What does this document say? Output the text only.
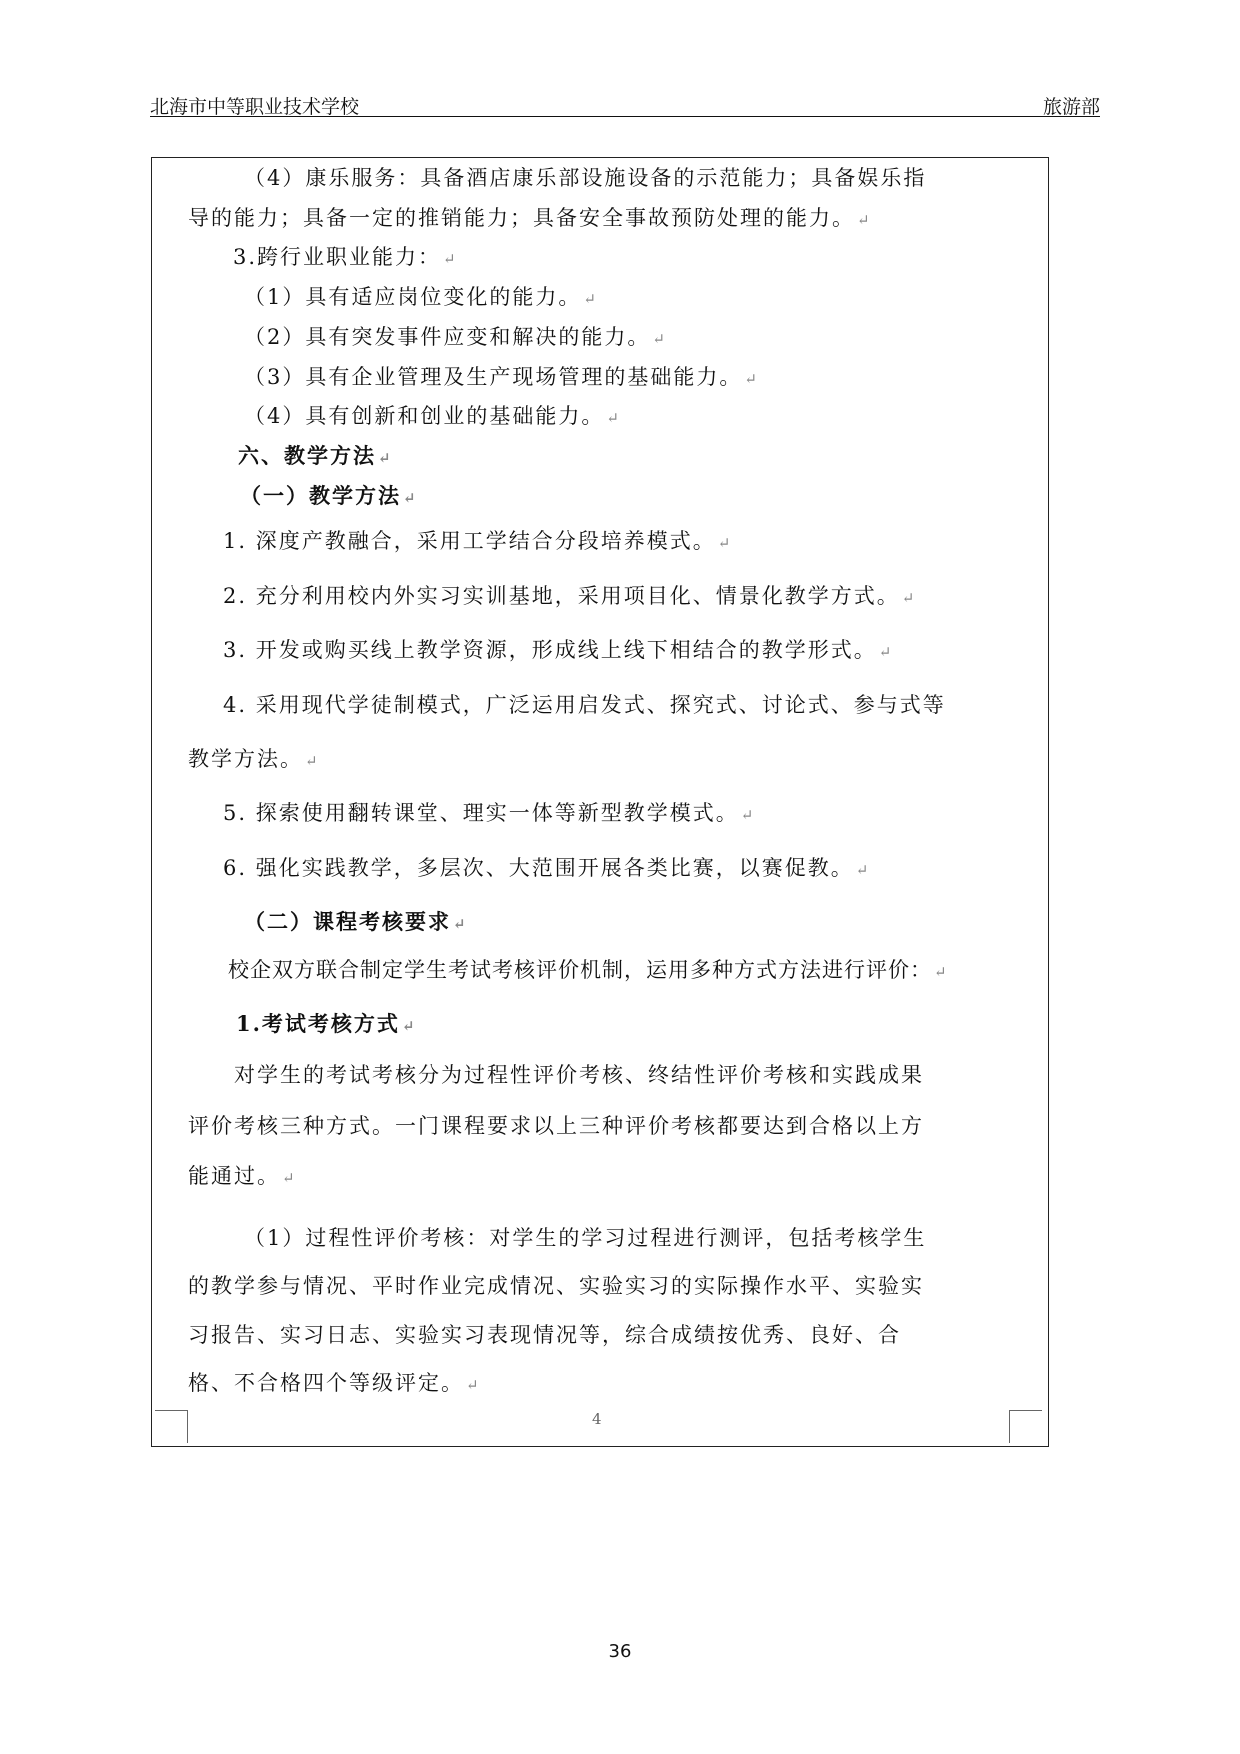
北海市中等职业技术学校	旅游部
（4）康乐服务：具备酒店康乐部设施设备的示范能力；具备娱乐指
导的能力；具备一定的推销能力；具备安全事故预防处理的能力。 ↵
3.跨行业职业能力： ↵
（1）具有适应岗位变化的能力。 ↵
（2）具有突发事件应变和解决的能力。 ↵
（3）具有企业管理及生产现场管理的基础能力。 ↵
（4）具有创新和创业的基础能力。 ↵
六、教学方法 ↵
（一）教学方法 ↵
1. 深度产教融合，采用工学结合分段培养模式。 ↵
2. 充分利用校内外实习实训基地，采用项目化、情景化教学方式。 ↵
3. 开发或购买线上教学资源，形成线上线下相结合的教学形式。 ↵
4. 采用现代学徒制模式，广泛运用启发式、探究式、讨论式、参与式等
教学方法。 ↵
5. 探索使用翻转课堂、理实一体等新型教学模式。 ↵
6. 强化实践教学，多层次、大范围开展各类比赛，以赛促教。 ↵
（二）课程考核要求 ↵
校企双方联合制定学生考试考核评价机制，运用多种方式方法进行评价： ↵
1.考试考核方式 ↵
对学生的考试考核分为过程性评价考核、终结性评价考核和实践成果
评价考核三种方式。一门课程要求以上三种评价考核都要达到合格以上方
能通过。 ↵
（1）过程性评价考核：对学生的学习过程进行测评，包括考核学生
的教学参与情况、平时作业完成情况、实验实习的实际操作水平、实验实
习报告、实习日志、实验实习表现情况等，综合成绩按优秀、良好、合
格、不合格四个等级评定。 ↵
4
36
